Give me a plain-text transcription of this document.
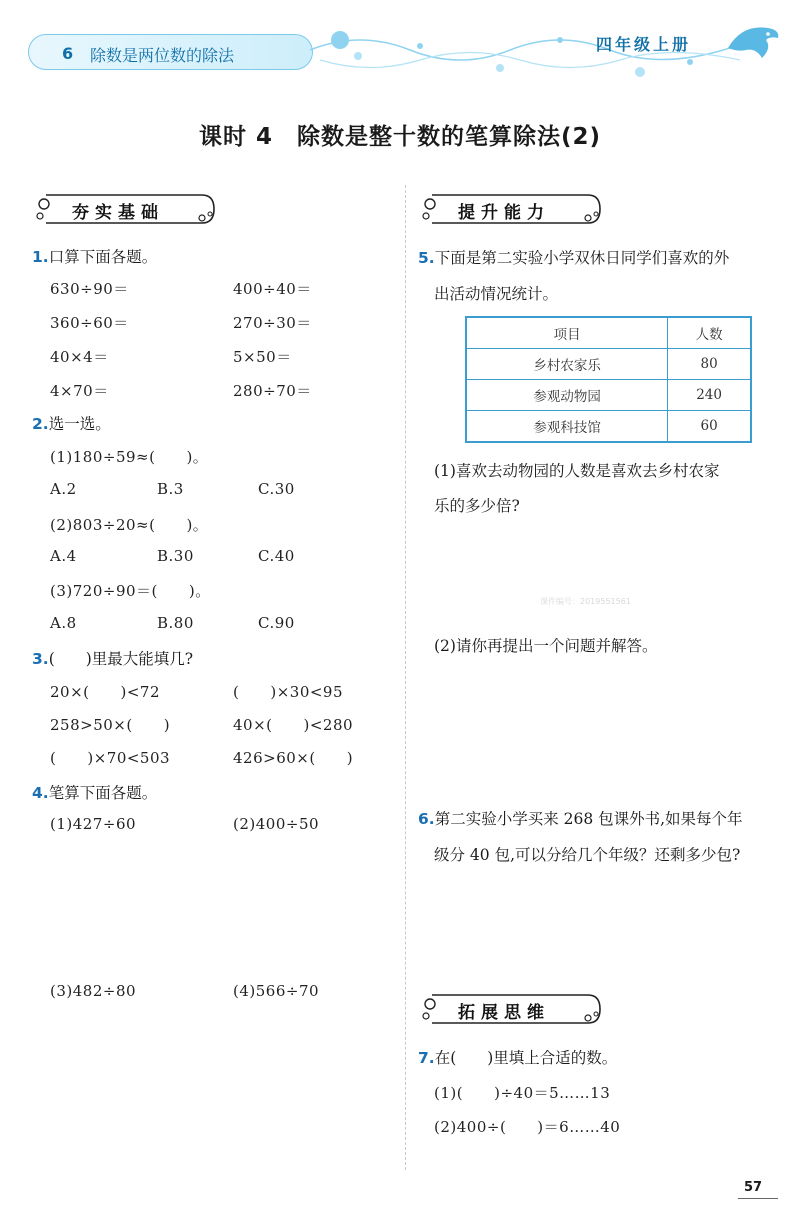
6 除数是两位数的除法
四年级上册
课时 4　除数是整十数的笔算除法(2)
夯实基础
1.口算下面各题。
630÷90＝	400÷40＝
360÷60＝	270÷30＝
40×4＝	5×50＝
4×70＝	280÷70＝
2.选一选。
(1)180÷59≈(　　)。
A.2	B.3	C.30
(2)803÷20≈(　　)。
A.4	B.30	C.40
(3)720÷90＝(　　)。
A.8	B.80	C.90
3.(　　)里最大能填几?
20×(　　)<72	(　　)×30<95
258>50×(　　)	40×(　　)<280
(　　)×70<503	426>60×(　　)
4.笔算下面各题。
(1)427÷60	(2)400÷50
(3)482÷80	(4)566÷70
提升能力
5.下面是第二实验小学双休日同学们喜欢的外
出活动情况统计。
项目	人数
乡村农家乐	80
参观动物园	240
参观科技馆	60
(1)喜欢去动物园的人数是喜欢去乡村农家
乐的多少倍?
课件编号：2019551561
(2)请你再提出一个问题并解答。
6.第二实验小学买来 268 包课外书,如果每个年
级分 40 包,可以分给几个年级？还剩多少包?
拓展思维
7.在(　　)里填上合适的数。
(1)(　　)÷40＝5……13
(2)400÷(　　)＝6……40
57
